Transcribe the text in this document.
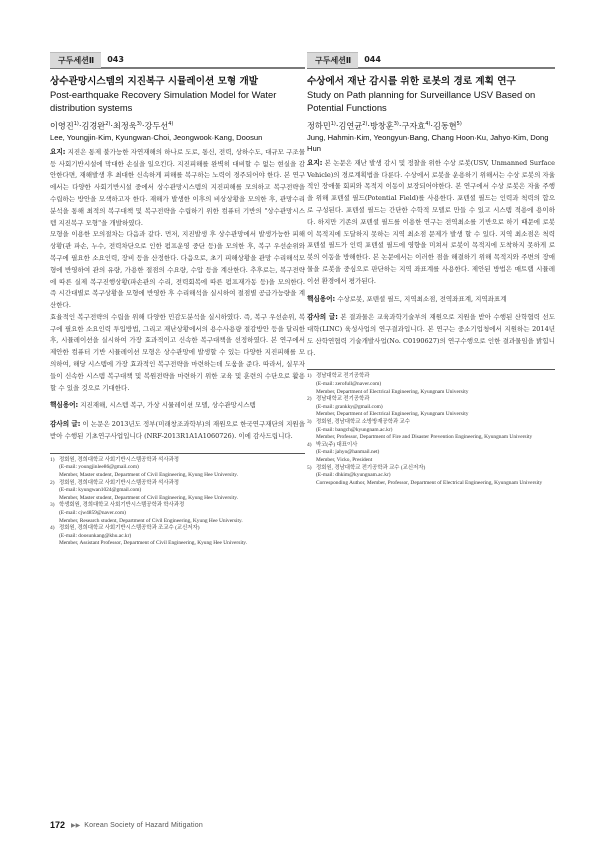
구두세션Ⅱ	043
상수관망시스템의 지진복구 시뮬레이션 모형 개발
Post-earthquake Recovery Simulation Model for Water distribution systems
이영진$^{1)}$·김경완$^{2)}$·최정욱$^{3)}$·강두선$^{4)}$
Lee, Youngjin·Kim, Kyungwan·Choi, Jeongwook·Kang, Doosun

요지: 지진은 통제 불가능한 자연재해의 하나로 도로, 통신, 전력, 상하수도, 대규모 구조물 등 사회기반시설에 막대한 손실을 일으킨다. 지진피해를 완벽히 대비할 수 없는 현실을 감안한다면, 재해발생 후 최대한 신속하게 피해를 복구하는 노력이 경주되어야 한다. 본 연구에서는 다양한 사회기반시설 중에서 상수관망시스템의 지진피해를 모의하고 복구전략을 수립하는 방안을 모색하고자 한다. 재해가 발생한 이후의 비상상황을 모의한 후, 관망수리분석을 통해 최적의 복구대책 및 복구전략을 수립하기 위한 컴퓨터 기반의 "상수관망시스템 지진복구 모형"을 개발하였다.

모형을 이용한 모의절차는 다음과 같다. 먼저, 지진발생 후 상수관망에서 발생가능한 피해상황(관 파손, 누수, 전력차단으로 인한 펌프운영 중단 등)을 모의한 후, 복구 우선순위와 복구에 필요한 소요인력, 장비 등을 산정한다. 다음으로, 초기 피해상황을 관망 수리해석모형에 반영하여 관의 유량, 가용한 절점의 수요량, 수압 등을 계산한다. 추후로는, 복구전략에 따른 실제 복구진행상황(파손관의 수리, 전력회복에 따른 펌프재가동 등)을 모의한다. 즉 시간대별로 복구상황을 모형에 반영한 후 수리해석을 실시하여 절점별 공급가능량을 계산한다.

효율적인 복구전략의 수립을 위해 다양한 민감도분석을 실시하였다. 즉, 복구 우선순위, 복구에 필요한 소요인력 투입방법, 그리고 재난상황에서의 용수사용량 절감방안 등을 달리한 후, 시뮬레이션을 실시하여 가장 효과적이고 신속한 복구대책을 선정하였다. 본 연구에서 제안한 컴퓨터 기반 시뮬레이션 모형은 상수관망에 발생할 수 있는 다양한 지진피해를 모의하여, 해당 시스템에 가장 효과적인 복구전략을 마련하는데 도움을 준다. 따라서, 실무자들이 신속한 시스템 복구대책 및 복원전략을 마련하기 위한 교육 및 훈련의 수단으로 활용할 수 있을 것으로 기대한다.

핵심용어: 지진재해, 시스템 복구, 가상 시뮬레이션 모델, 상수관망시스템
감사의 글: 이 논문은 2013년도 정부(미래창조과학부)의 재원으로 한국연구재단의 지원을 받아 수행된 기초연구사업입니다 (NRF-2013R1A1A1060726). 이에 감사드립니다.
1) 정회원, 경희대학교 사회기반시스템공학과 석사과정
(E-mail: youngjinlee86@gmail.com)
Member, Master student, Department of Civil Engineering, Kyung Hee University.
2) 정회원, 경희대학교 사회기반시스템공학과 석사과정
(E-mail: kyungwan1024@gmail.com)
Member, Master student, Department of Civil Engineering, Kyung Hee University.
3) 학생회원, 경희대학교 사회기반시스템공학과 학사과정
(E-mail: cjw4859@naver.com)
Member, Research student, Department of Civil Engineering, Kyung Hee University.
4) 정회원, 경희대학교 사회기반시스템공학과 조교수 (교신저자)
(E-mail: doosunkang@khu.ac.kr)
Member, Assistant Professor, Department of Civil Engineering, Kyung Hee University.
구두세션Ⅱ	044
수상에서 재난 감시를 위한 로봇의 경로 계획 연구
Study on Path planning for Surveillance USV Based on Potential Functions
정하민$^{1)}$·김연균$^{2)}$·방창훈$^{3)}$·구자효$^{4)}$·김동현$^{5)}$
Jung, Hahmin·Kim, Yeongyun·Bang, Chang Hoon·Ku, Jahyo·Kim, Dong Hun

요지: 본 논문은 재난 발생 감시 및 정찰을 위한 수상 로봇(USV, Unmanned Surface Vehicle)의 경로계획법을 다룬다. 수상에서 로봇을 운용하기 위해서는 수상 로봇의 자율적인 장애물 회피와 목적지 이동이 보장되어야한다. 본 연구에서 수상 로봇은 자율 주행을 위해 포텐셜 필드(Potential Field)를 사용한다. 포텐셜 필드는 인력과 척력의 합으로 구성된다. 포텐셜 필드는 간단한 수학적 모델로 만들 수 있고 시스템 적용에 용이하다. 하지만 기존의 포텐셜 필드를 이용한 연구는 전역최소를 기반으로 하기 때문에 로봇이 목적지에 도달하지 못하는 지역 최소점 문제가 발생 할 수 있다. 지역 최소점은 척력 포텐셜 필드가 인력 포텐셜 필드에 영향을 미쳐서 로봇이 목적지에 도착하지 못하게 로봇의 이동을 방해한다. 본 논문에서는 이러한 점을 해결하기 위해 목적지와 주변의 장애물을 로봇을 중심으로 판단하는 지역 좌표계를 사용한다. 제안된 방법은 매트랩 시뮬레이션 환경에서 평가된다.

핵심용어: 수상로봇, 포텐셜 필드, 지역최소점, 전역좌표계, 지역좌표계
감사의 글: 본 결과물은 교육과학기술부의 재원으로 지원을 받아 수행된 산학협력 선도대학(LINC) 육성사업의 연구결과입니다. 본 연구는 중소기업청에서 지원하는 2014년도 산학연협력 기술개발사업(No. C0190627)의 연구수행으로 인한 결과물임을 밝힙니다.
1) 경남대학교 전기공학과
(E-mail: zerofull@naver.com)
Member, Department of Electrical Engineering, Kyungnam University
2) 경남대학교 전기공학과
(E-mail: grankky@gmail.com)
Member, Department of Electrical Engineering, Kyungnam University
3) 정회원, 경남대학교 소방방재공학과 교수
(E-mail: bangch@kyungnam.ac.kr)
Member, Professor, Department of Fire and Disaster Prevention Engineering, Kyungnam University
4) 박코(주) 대표이사
(E-mail: jahyo@hanmail.net)
Member, Vicko, President
5) 정회원, 경남대학교 전기공학과 교수 (교신저자)
(E-mail: dhkim@kyungnam.ac.kr)
Corresponding Author, Member, Professor, Department of Electrical Engineering, Kyungnam University
172 ▶▶ Korean Society of Hazard Mitigation
